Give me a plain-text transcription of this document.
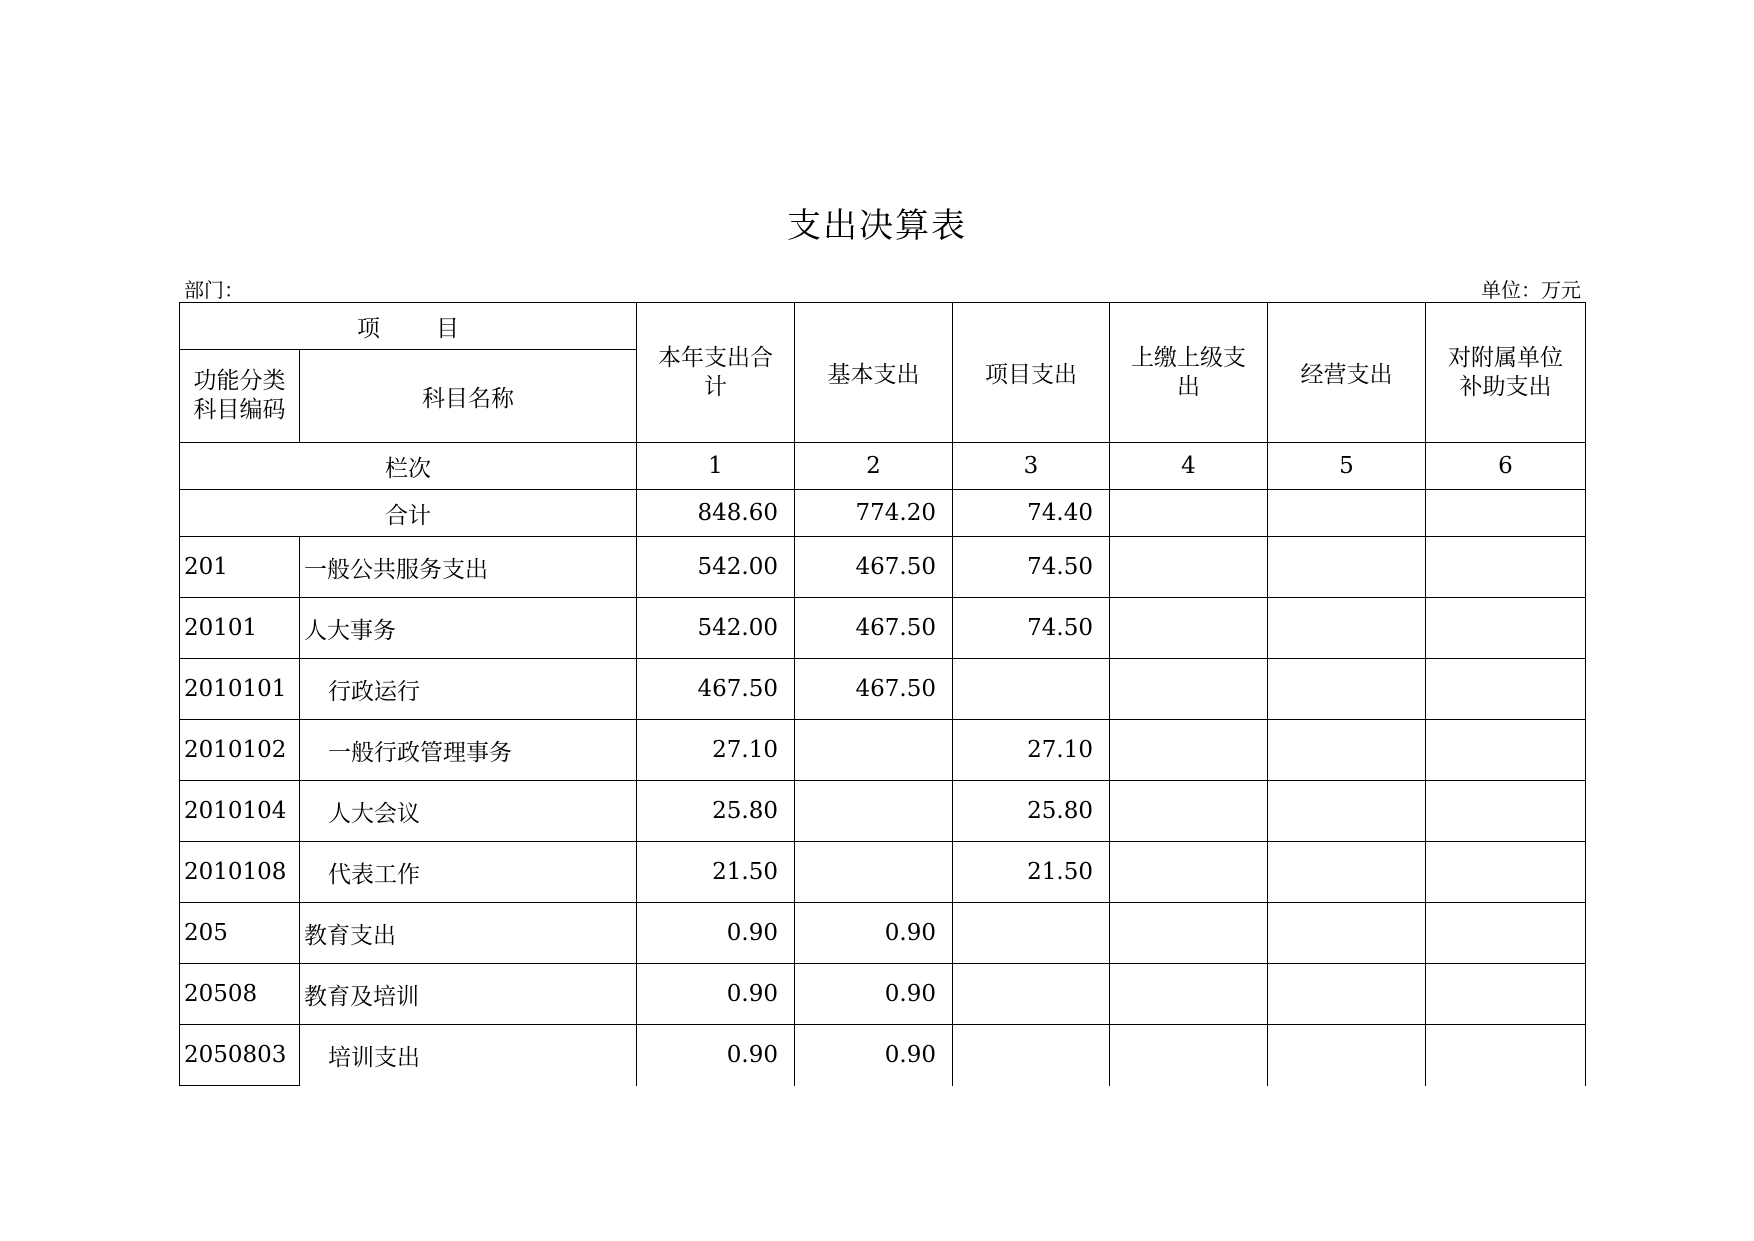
支出决算表
部门：	单位：万元
项 目		本年支出合计	基本支出	项目支出	上缴上级支出	经营支出	对附属单位补助支出
功能分类科目编码	科目名称						
栏次		1	2	3	4	5	6
合计		848.60	774.20	74.40			
201	一般公共服务支出	542.00	467.50	74.50			
20101	人大事务	542.00	467.50	74.50			
2010101	行政运行	467.50	467.50				
2010102	一般行政管理事务	27.10		27.10			
2010104	人大会议	25.80		25.80			
2010108	代表工作	21.50		21.50			
205	教育支出	0.90	0.90				
20508	教育及培训	0.90	0.90				
2050803	培训支出	0.90	0.90				
